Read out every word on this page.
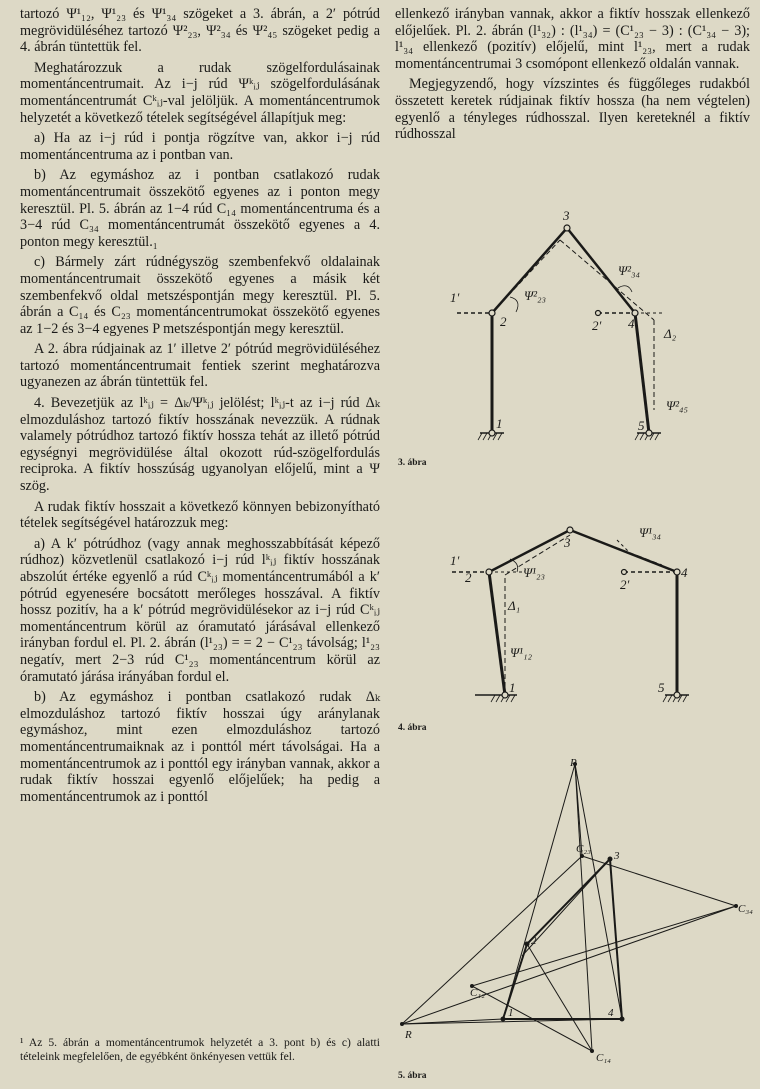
tartozó Ψ¹₁₂, Ψ¹₂₃ és Ψ¹₃₄ szögeket a 3. ábrán, a 2′ pótrúd megrövidüléséhez tartozó Ψ²₂₃, Ψ²₃₄ és Ψ²₄₅ szögeket pedig a 4. ábrán tüntettük fel.

Meghatározzuk a rudak szögelfordulásainak momentáncentrumait. Az i−j rúd Ψᵏᵢⱼ szögelfordulásának momentáncentrumát Cᵏᵢⱼ-val jelöljük. A momentáncentrumok helyzetét a következő tételek segítségével állapítjuk meg:

a) Ha az i−j rúd i pontja rögzítve van, akkor i−j rúd momentáncentruma az i pontban van.

b) Az egymáshoz az i pontban csatlakozó rudak momentáncentrumait összekötő egyenes az i ponton megy keresztül. Pl. 5. ábrán az 1−4 rúd C₁₄ momentáncentruma és a 3−4 rúd C₃₄ momentáncentrumát összekötő egyenes a 4. ponton megy keresztül.₁

c) Bármely zárt rúdnégyszög szembenfekvő oldalainak momentáncentrumait összekötő egyenes a másik két szembenfekvő oldal metszéspontján megy keresztül. Pl. 5. ábrán a C₁₄ és C₂₃ momentáncentrumokat összekötő egyenes az 1−2 és 3−4 egyenes P metszéspontján megy keresztül.

A 2. ábra rúdjainak az 1′ illetve 2′ pótrúd megrövidüléséhez tartozó momentáncentrumait fentiek szerint meghatározva ugyanezen az ábrán tüntettük fel.

4. Bevezetjük az lᵏᵢⱼ = Δₖ/Ψᵏᵢⱼ jelölést; lᵏᵢⱼ-t az i−j rúd Δₖ elmozduláshoz tartozó fiktív hosszának nevezzük. A rúdnak valamely pótrúdhoz tartozó fiktív hossza tehát az illető pótrúd egységnyi megrövidülése által okozott rúd-szögelfordulás reciproka. A fiktív hosszúság ugyanolyan előjelű, mint a Ψ szög.

A rudak fiktív hosszait a következő könnyen bebizonyítható tételek segítségével határozzuk meg:

a) A k′ pótrúdhoz (vagy annak meghosszabbítását képező rúdhoz) közvetlenül csatlakozó i−j rúd lᵏᵢⱼ fiktív hosszának abszolút értéke egyenlő a rúd Cᵏᵢⱼ momentáncentrumából a k′ pótrúd egyenesére bocsátott merőleges hosszával. A fiktív hossz pozitív, ha a k′ pótrúd megrövidülésekor az i−j rúd Cᵏᵢⱼ momentáncentrum körül az óramutató járásával ellenkező irányban fordul el. Pl. 2. ábrán (l¹₂₃) = = 2 − C¹₂₃ távolság; l¹₂₃ negatív, mert 2−3 rúd C¹₂₃ momentáncentrum körül az óramutató járása irányában fordul el.

b) Az egymáshoz i pontban csatlakozó rudak Δₖ elmozduláshoz tartozó fiktív hosszai úgy aránylanak egymáshoz, mint ezen elmozduláshoz tartozó momentáncentrumaiknak az i ponttól mért távolságai. Ha a momentáncentrumok az i ponttól egy irányban vannak, akkor a rudak fiktív hosszai egyenlő előjelűek; ha pedig a momentáncentrumok az i ponttól

¹ Az 5. ábrán a momentáncentrumok helyzetét a 3. pont b) és c) alatti tételeink megfelelően, de egyébként önkényesen vettük fel.

ellenkező irányban vannak, akkor a fiktív hosszak ellenkező előjelűek. Pl. 2. ábrán (l¹₃₂) : (l¹₃₄) = (C¹₂₃ − 3) : (C¹₃₄ − 3); l¹₃₄ ellenkező (pozitív) előjelű, mint l¹₂₃, mert a rudak momentáncentrumai 3 csomópont ellenkező oldalán vannak.

Megjegyzendő, hogy vízszintes és függőleges rudakból összetett keretek rúdjainak fiktív hossza (ha nem végtelen) egyenlő a tényleges rúdhosszal. Ilyen kereteknél a fiktív rúdhosszal

2
3
4
1	5
1′
2′
Ψ²₂₃
Ψ²₃₄
Ψ²₄₅
Δ₂
3. ábra
2
3
4
1	5
1′
2′
Ψ¹₂₃
Ψ¹₃₄
Ψ¹₁₂
Δ₁
4. ábra
P
R
1
2
3
4
C₂₃
C₃₄
C₁₂
C₁₄
5. ábra
